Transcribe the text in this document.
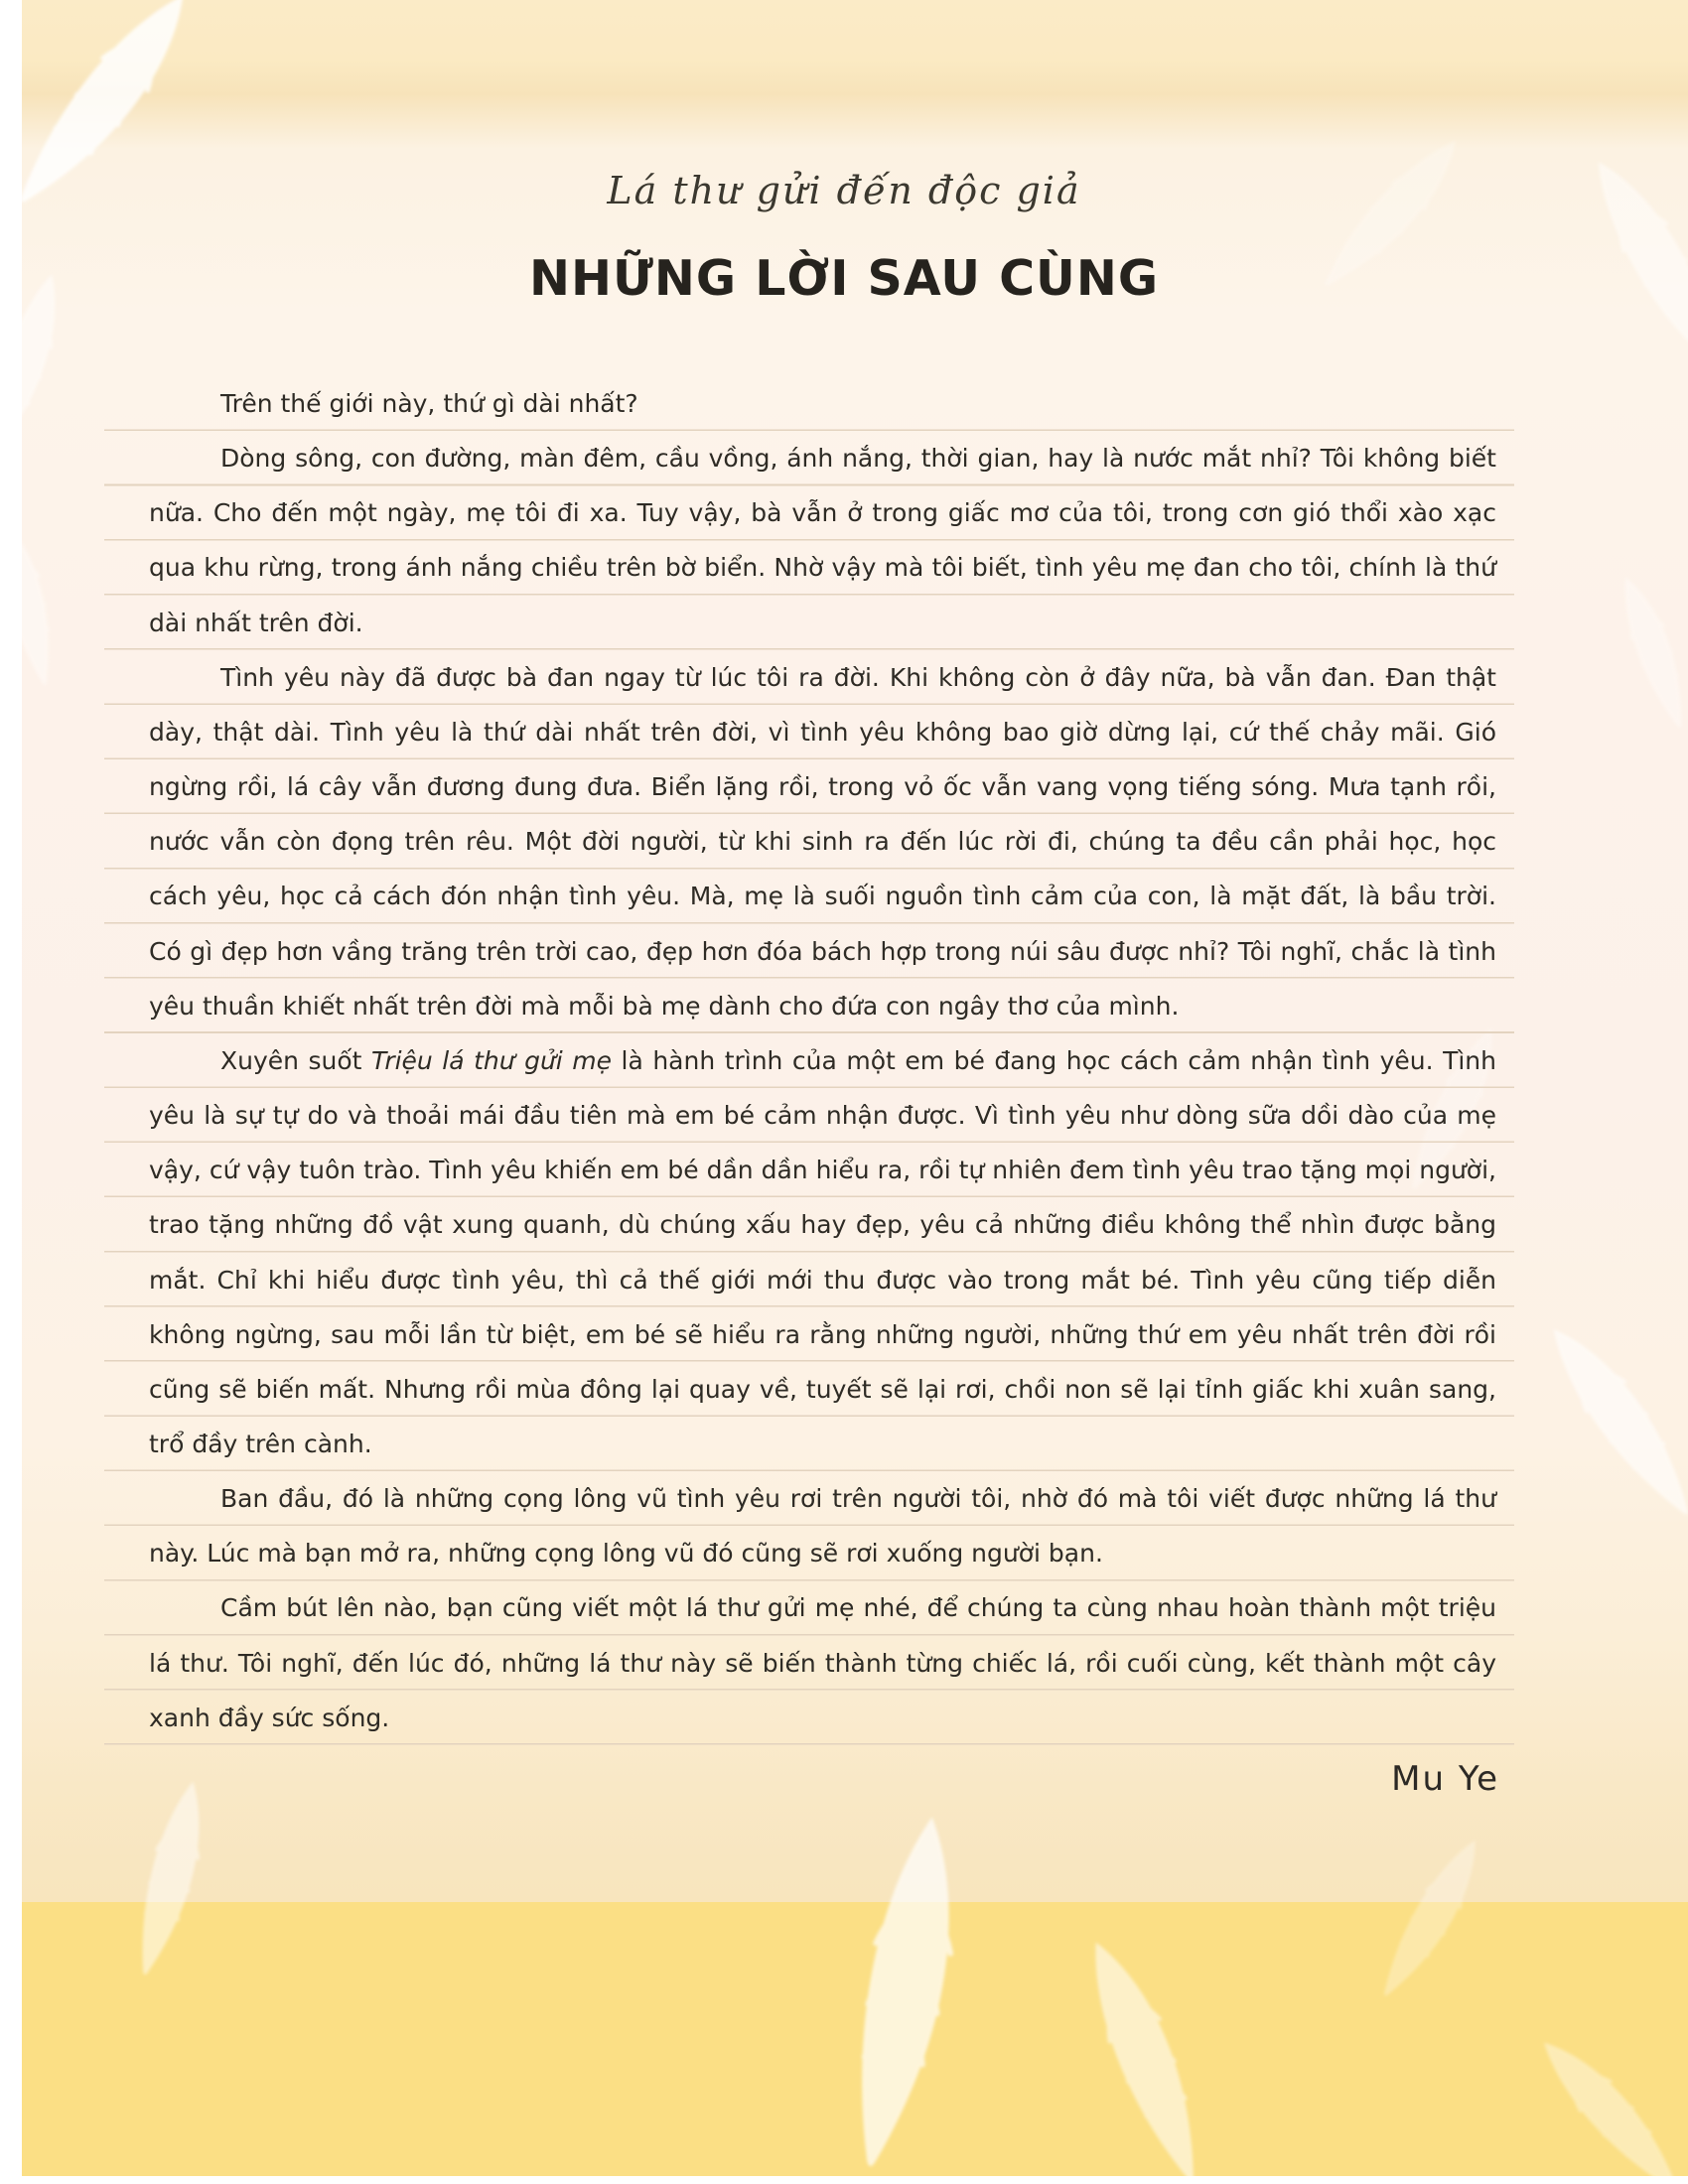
Lá thư gửi đến độc giả
NHỮNG LỜI SAU CÙNG

Trên thế giới này, thứ gì dài nhất?

Dòng sông, con đường, màn đêm, cầu vồng, ánh nắng, thời gian, hay là nước mắt nhỉ? Tôi không biết nữa. Cho đến một ngày, mẹ tôi đi xa. Tuy vậy, bà vẫn ở trong giấc mơ của tôi, trong cơn gió thổi xào xạc qua khu rừng, trong ánh nắng chiều trên bờ biển. Nhờ vậy mà tôi biết, tình yêu mẹ đan cho tôi, chính là thứ dài nhất trên đời.

Tình yêu này đã được bà đan ngay từ lúc tôi ra đời. Khi không còn ở đây nữa, bà vẫn đan. Đan thật dày, thật dài. Tình yêu là thứ dài nhất trên đời, vì tình yêu không bao giờ dừng lại, cứ thế chảy mãi. Gió ngừng rồi, lá cây vẫn đương đung đưa. Biển lặng rồi, trong vỏ ốc vẫn vang vọng tiếng sóng. Mưa tạnh rồi, nước vẫn còn đọng trên rêu. Một đời người, từ khi sinh ra đến lúc rời đi, chúng ta đều cần phải học, học cách yêu, học cả cách đón nhận tình yêu. Mà, mẹ là suối nguồn tình cảm của con, là mặt đất, là bầu trời. Có gì đẹp hơn vầng trăng trên trời cao, đẹp hơn đóa bách hợp trong núi sâu được nhỉ? Tôi nghĩ, chắc là tình yêu thuần khiết nhất trên đời mà mỗi bà mẹ dành cho đứa con ngây thơ của mình.

Xuyên suốt Triệu lá thư gửi mẹ là hành trình của một em bé đang học cách cảm nhận tình yêu. Tình yêu là sự tự do và thoải mái đầu tiên mà em bé cảm nhận được. Vì tình yêu như dòng sữa dồi dào của mẹ vậy, cứ vậy tuôn trào. Tình yêu khiến em bé dần dần hiểu ra, rồi tự nhiên đem tình yêu trao tặng mọi người, trao tặng những đồ vật xung quanh, dù chúng xấu hay đẹp, yêu cả những điều không thể nhìn được bằng mắt. Chỉ khi hiểu được tình yêu, thì cả thế giới mới thu được vào trong mắt bé. Tình yêu cũng tiếp diễn không ngừng, sau mỗi lần từ biệt, em bé sẽ hiểu ra rằng những người, những thứ em yêu nhất trên đời rồi cũng sẽ biến mất. Nhưng rồi mùa đông lại quay về, tuyết sẽ lại rơi, chồi non sẽ lại tỉnh giấc khi xuân sang, trổ đầy trên cành.

Ban đầu, đó là những cọng lông vũ tình yêu rơi trên người tôi, nhờ đó mà tôi viết được những lá thư này. Lúc mà bạn mở ra, những cọng lông vũ đó cũng sẽ rơi xuống người bạn.

Cầm bút lên nào, bạn cũng viết một lá thư gửi mẹ nhé, để chúng ta cùng nhau hoàn thành một triệu lá thư. Tôi nghĩ, đến lúc đó, những lá thư này sẽ biến thành từng chiếc lá, rồi cuối cùng, kết thành một cây xanh đầy sức sống.

Mu Ye
